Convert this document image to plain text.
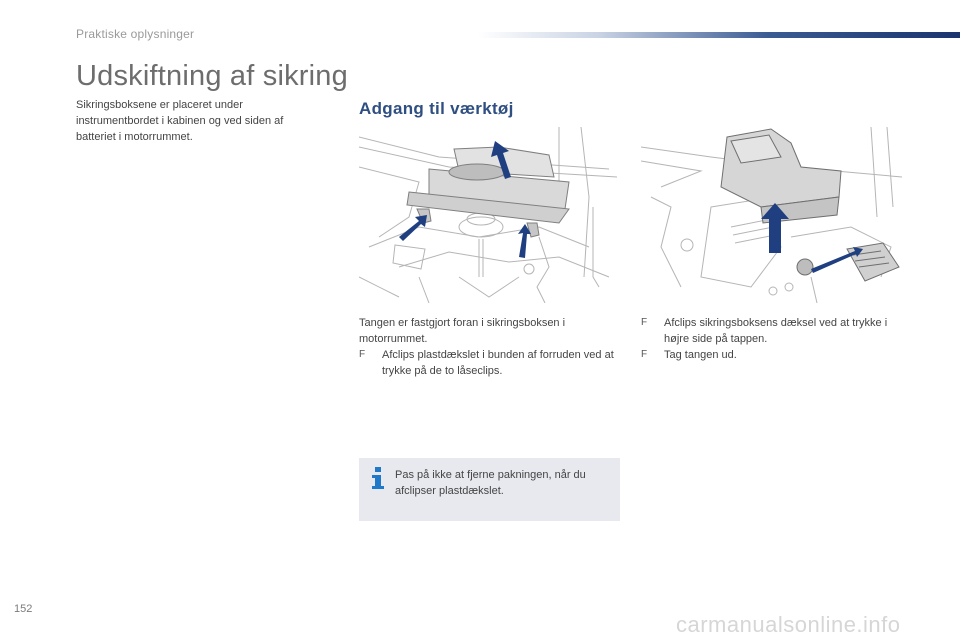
Praktiske oplysninger
Udskiftning af sikring

Sikringsboksene er placeret under instrumentbordet i kabinen og ved siden af batteriet i motorrummet.

Adgang til værktøj

Tangen er fastgjort foran i sikringsboksen i motorrummet.

F Afclips plastdækslet i bunden af forruden ved at trykke på de to låseclips.
F Afclips sikringsboksens dæksel ved at trykke i højre side på tappen.
F Tag tangen ud.

Pas på ikke at fjerne pakningen, når du afclipser plastdækslet.

152
carmanualsonline.info
